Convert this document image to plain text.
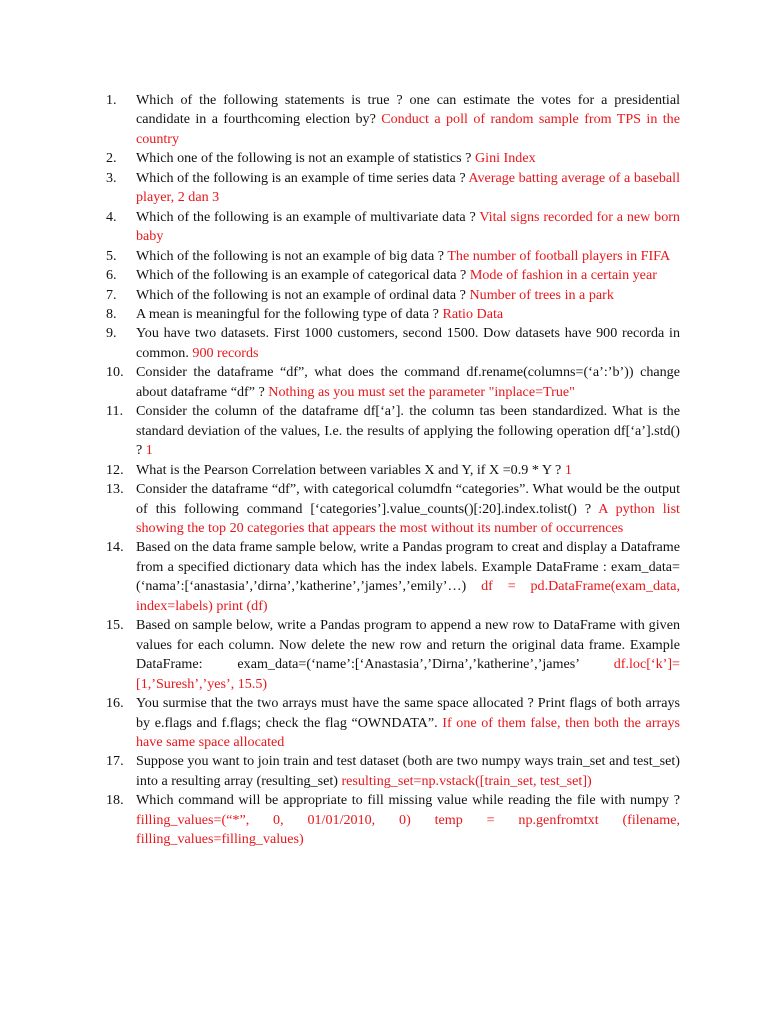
1.	Which of the following statements is true ? one can estimate the votes for a presidential candidate in a fourthcoming election by? Conduct a poll of random sample from TPS in the country
2.	Which one of the following is not an example of statistics ? Gini Index
3.	Which of the following is an example of time series data ? Average batting average of a baseball player, 2 dan 3
4.	Which of the following is an example of multivariate data ? Vital signs recorded for a new born baby
5.	Which of the following is not an example of big data ? The number of football players in FIFA
6.	Which of the following is an example of categorical data ? Mode of fashion in a certain year
7.	Which of the following is not an example of ordinal data ? Number of trees in a park
8.	A mean is meaningful for the following type of data ? Ratio Data
9.	You have two datasets. First 1000 customers, second 1500. Dow datasets have 900 recorda in common. 900 records
10. Consider the dataframe “df”, what does the command df.rename(columns=(‘a’:’b’)) change about dataframe “df” ? Nothing as you must set the parameter "inplace=True"
11. Consider the column of the dataframe df[‘a’]. the column tas been standardized. What is the standard deviation of the values, I.e. the results of applying the following operation df[‘a’].std() ? 1
12. What is the Pearson Correlation between variables X and Y, if X =0.9 * Y ? 1
13. Consider the dataframe “df”, with categorical columdfn “categories”. What would be the output of this following command [‘categories’].value_counts()[:20].index.tolist() ? A python list showing the top 20 categories that appears the most without its number of occurrences
14. Based on the data frame sample below, write a Pandas program to creat and display a Dataframe from a specified dictionary data which has the index labels. Example DataFrame : exam_data=(‘nama’:[‘anastasia’,’dirna’,’katherine’,’james’,’emily’…) df = pd.DataFrame(exam_data, index=labels) print (df)
15. Based on sample below, write a Pandas program to append a new row to DataFrame with given values for each column. Now delete the new row and return the original data frame. Example DataFrame: exam_data=(‘name’:[‘Anastasia’,’Dirna’,’katherine’,’james’ df.loc[‘k’]=[1,’Suresh’,’yes’, 15.5)
16. You surmise that the two arrays must have the same space allocated ? Print flags of both arrays by e.flags and f.flags; check the flag “OWNDATA”. If one of them false, then both the arrays have same space allocated
17. Suppose you want to join train and test dataset (both are two numpy ways train_set and test_set) into a resulting array (resulting_set) resulting_set=np.vstack([train_set, test_set])
18. Which command will be appropriate to fill missing value while reading the file with numpy ? filling_values=(“*”, 0, 01/01/2010, 0) temp = np.genfromtxt (filename, filling_values=filling_values)
